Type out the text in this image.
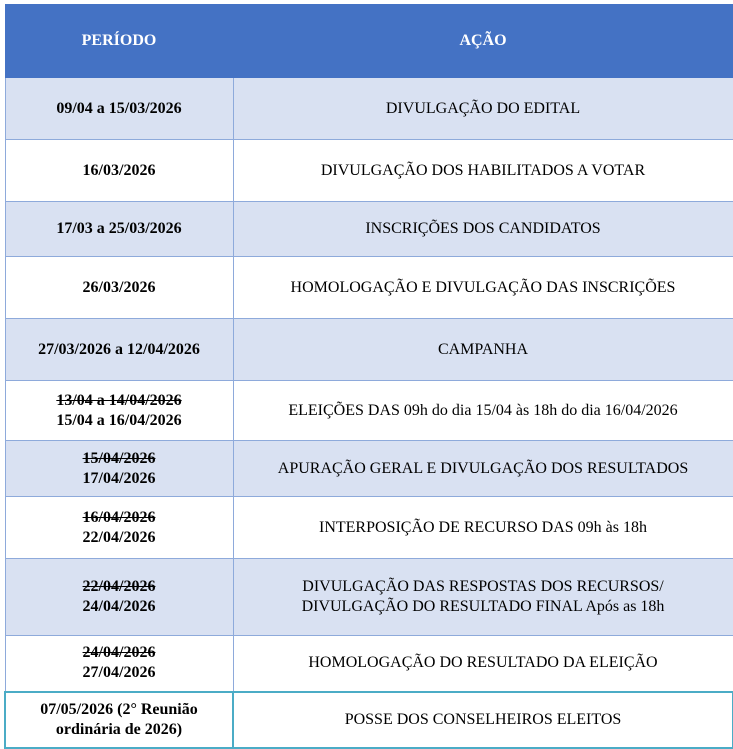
PERÍODO	AÇÃO

09/04 a 15/03/2026	DIVULGAÇÃO DO EDITAL

16/03/2026	DIVULGAÇÃO DOS HABILITADOS A VOTAR

17/03 a 25/03/2026	INSCRIÇÕES DOS CANDIDATOS

26/03/2026	HOMOLOGAÇÃO E DIVULGAÇÃO DAS INSCRIÇÕES

27/03/2026 a 12/04/2026	CAMPANHA

13/04 a 14/04/2026
15/04 a 16/04/2026	ELEIÇÕES DAS 09h do dia 15/04 às 18h do dia 16/04/2026

15/04/2026
17/04/2026	APURAÇÃO GERAL E DIVULGAÇÃO DOS RESULTADOS

16/04/2026
22/04/2026	INTERPOSIÇÃO DE RECURSO DAS 09h às 18h

22/04/2026
24/04/2026	DIVULGAÇÃO DAS RESPOSTAS DOS RECURSOS/
DIVULGAÇÃO DO RESULTADO FINAL Após as 18h

24/04/2026
27/04/2026	HOMOLOGAÇÃO DO RESULTADO DA ELEIÇÃO

07/05/2026 (2° Reunião
ordinária de 2026)	POSSE DOS CONSELHEIROS ELEITOS
